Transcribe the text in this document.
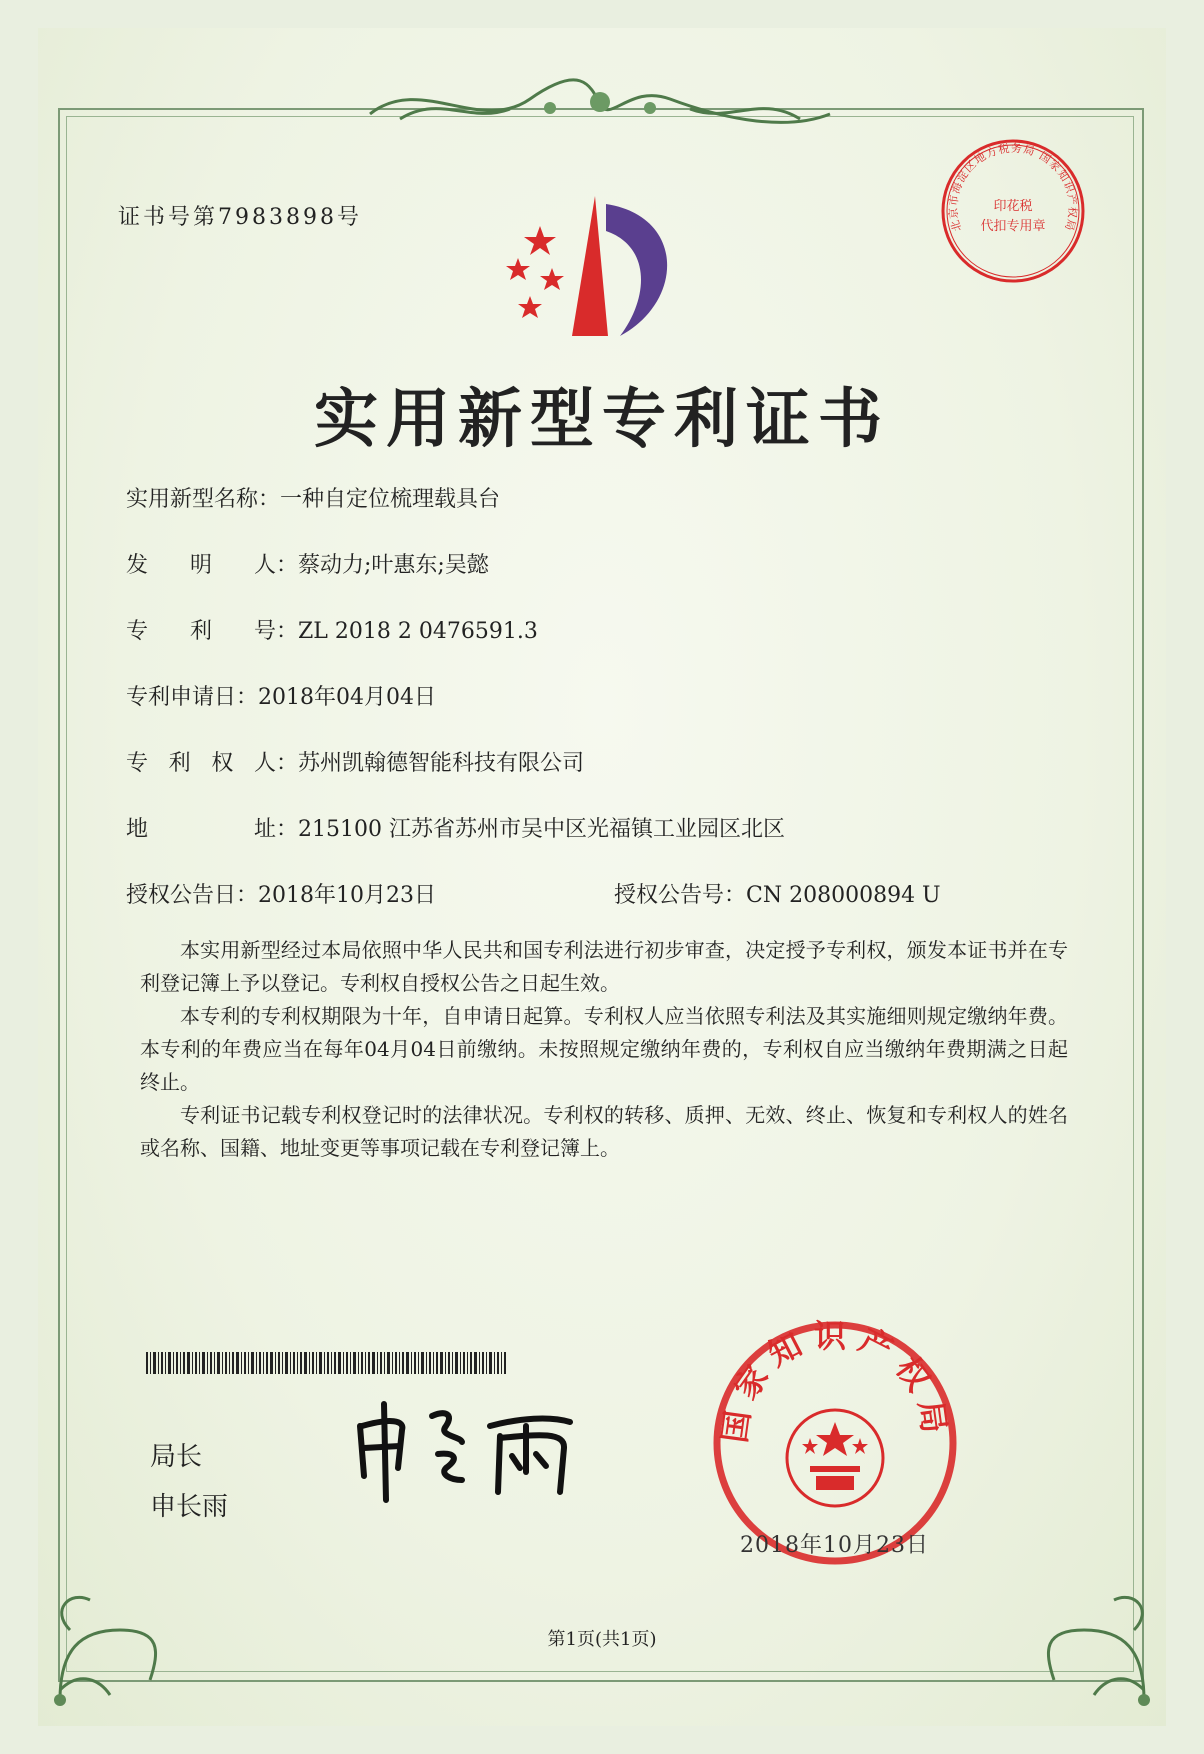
证书号第7983898号
实用新型专利证书
实用新型名称：一种自定位梳理载具台
发 明 人 ：蔡动力;叶惠东;吴懿
专 利 号 ：ZL 2018 2 0476591.3
专利申请日：2018年04月04日
专 利 权 人 ：苏州凯翰德智能科技有限公司
地	址 ：215100 江苏省苏州市吴中区光福镇工业园区北区
授权公告日：2018年10月23日	授权公告号：CN 208000894 U
本实用新型经过本局依照中华人民共和国专利法进行初步审查，决定授予专利权，颁发本证书并在专利登记簿上予以登记。专利权自授权公告之日起生效。
本专利的专利权期限为十年，自申请日起算。专利权人应当依照专利法及其实施细则规定缴纳年费。本专利的年费应当在每年04月04日前缴纳。未按照规定缴纳年费的，专利权自应当缴纳年费期满之日起终止。
专利证书记载专利权登记时的法律状况。专利权的转移、质押、无效、终止、恢复和专利权人的姓名或名称、国籍、地址变更等事项记载在专利登记簿上。
局长
申长雨
国家知识产权局
2018年10月23日
北京市海淀区地方税务局 国家知识产权局
印花税
代扣专用章
第1页(共1页)
